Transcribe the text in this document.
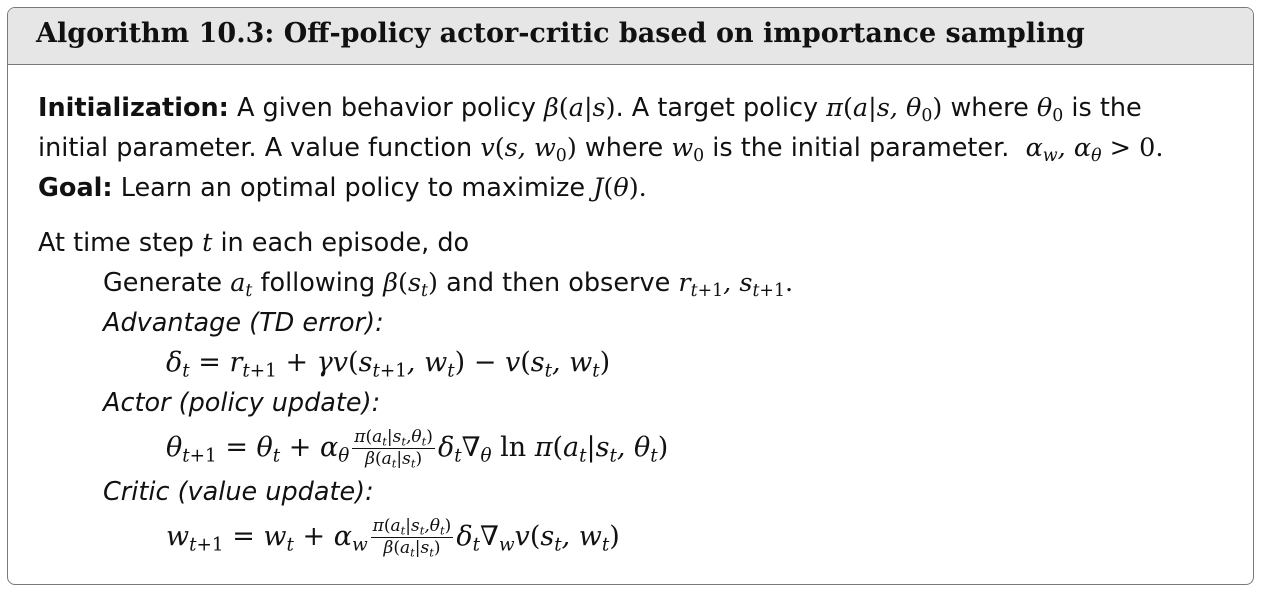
Algorithm 10.3: Off-policy actor-critic based on importance sampling
Initialization: A given behavior policy β(a|s). A target policy π(a|s, $\theta_0$) where $\theta_0$ is the
initial parameter. A value function v(s, $w_0$) where $w_0$ is the initial parameter.  $\alpha_w$, $\alpha_\theta > 0$.
Goal: Learn an optimal policy to maximize J(θ).
At time step t in each episode, do
Generate $a_t$ following $\beta(s_t)$ and then observe $r_{t+1}$, $s_{t+1}$.
Advantage (TD error):
$\delta_t = r_{t+1} + \gamma v(s_{t+1}$, $w_t) - v(s_t$, $w_t$)
Actor (policy update):
$\theta_{t+1} = \theta_t + \alpha_\theta \frac{\pi(a_t|s_t,\theta_t)}{\beta(a_t|s_t)} \delta_t\nabla_\theta$ $\ln \pi(a_t|s_t$, $\theta_t$)
Critic (value update):
$w_{t+1} = w_t + \alpha_w \frac{\pi(a_t|s_t,\theta_t)}{\beta(a_t|s_t)} \delta_t\nabla_wv(s_t$, $w_t$)
